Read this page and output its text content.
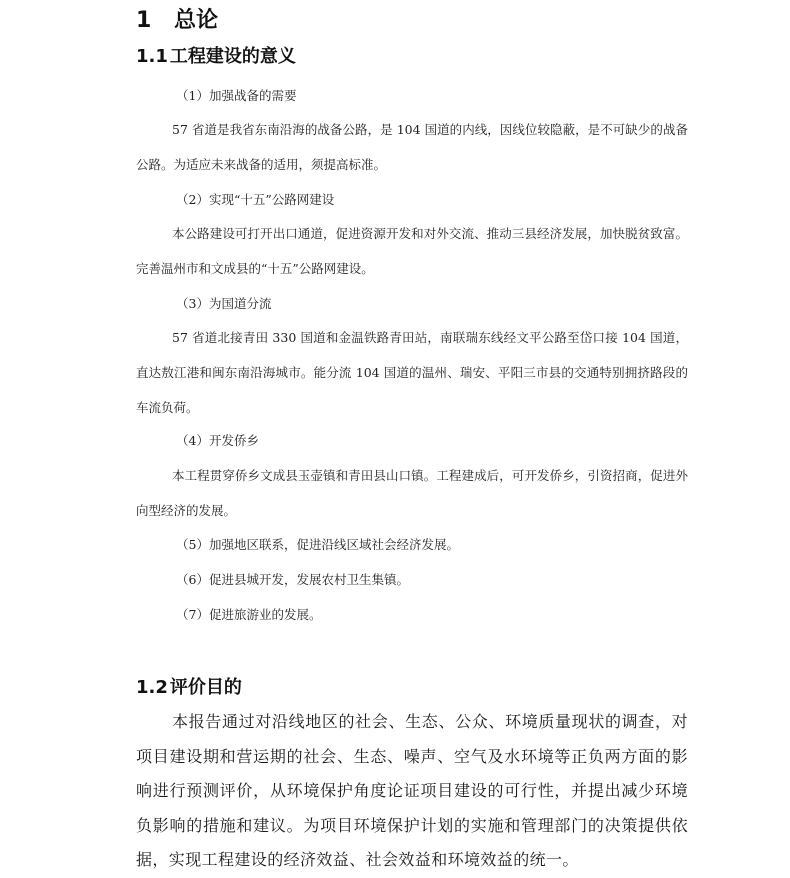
1 总论
1.1 工程建设的意义
（1）加强战备的需要
57 省道是我省东南沿海的战备公路，是 104 国道的内线，因线位较隐蔽，是不可缺少的战备公路。为适应未来战备的适用，须提高标准。
（2）实现“十五”公路网建设
本公路建设可打开出口通道，促进资源开发和对外交流、推动三县经济发展，加快脱贫致富。完善温州市和文成县的“十五”公路网建设。
（3）为国道分流
57 省道北接青田 330 国道和金温铁路青田站，南联瑞东线经文平公路至岱口接 104 国道，直达敖江港和闽东南沿海城市。能分流 104 国道的温州、瑞安、平阳三市县的交通特别拥挤路段的车流负荷。
（4）开发侨乡
本工程贯穿侨乡文成县玉壶镇和青田县山口镇。工程建成后，可开发侨乡，引资招商，促进外向型经济的发展。
（5）加强地区联系，促进沿线区域社会经济发展。
（6）促进县城开发，发展农村卫生集镇。
（7）促进旅游业的发展。
1.2 评价目的
本报告通过对沿线地区的社会、生态、公众、环境质量现状的调查，对项目建设期和营运期的社会、生态、噪声、空气及水环境等正负两方面的影响进行预测评价，从环境保护角度论证项目建设的可行性，并提出减少环境负影响的措施和建议。为项目环境保护计划的实施和管理部门的决策提供依据，实现工程建设的经济效益、社会效益和环境效益的统一。
